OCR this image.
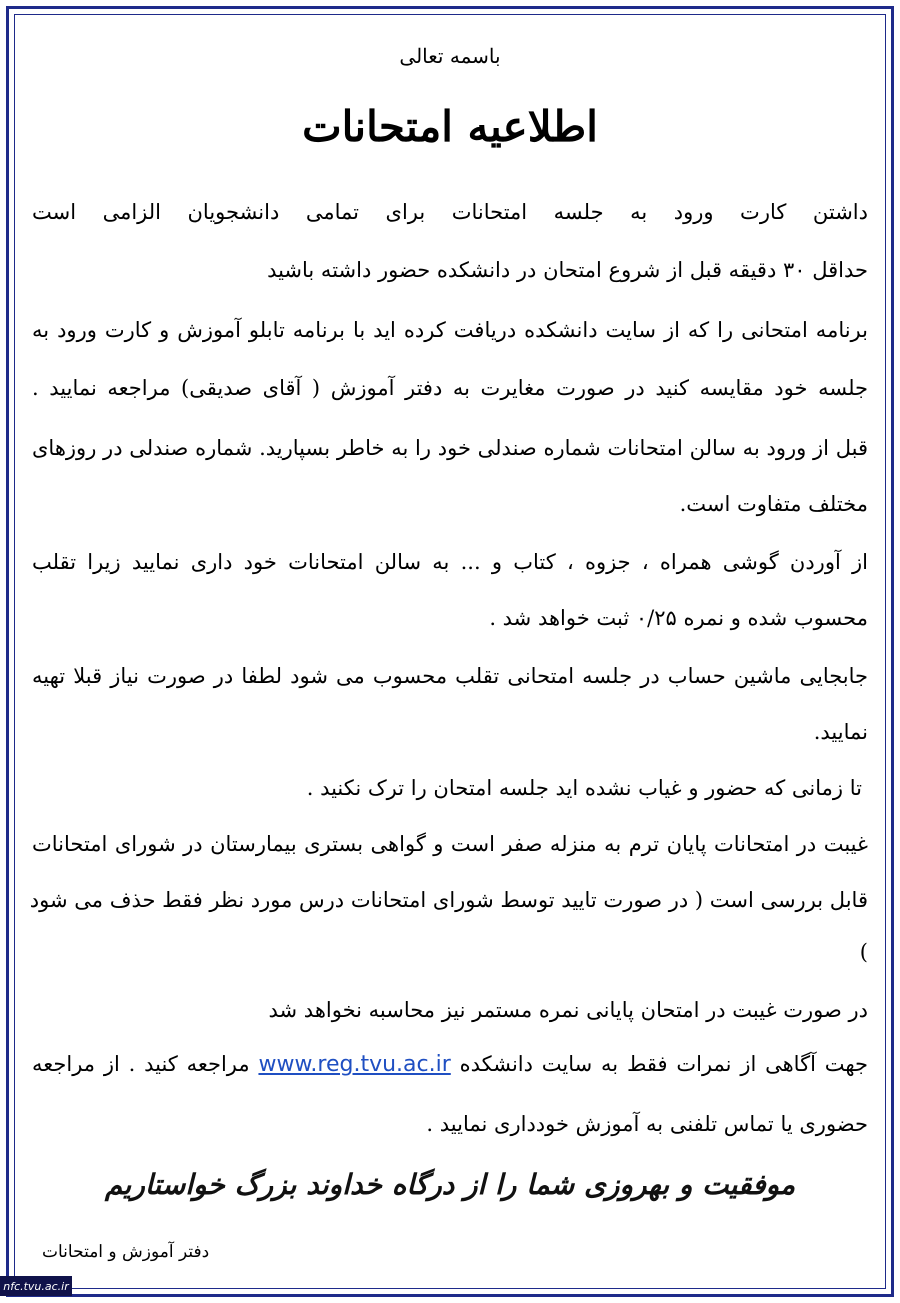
باسمه تعالی
اطلاعیه امتحانات
داشتن کارت ورود به جلسه امتحانات برای تمامی دانشجویان الزامی است
حداقل ۳۰ دقیقه قبل از شروع امتحان در دانشکده حضور داشته باشید
برنامه امتحانی را که از سایت دانشکده دریافت کرده اید با برنامه تابلو آموزش و کارت ورود به
جلسه خود مقایسه کنید در صورت مغایرت به دفتر آموزش ( آقای صدیقی) مراجعه نمایید .
قبل از ورود به سالن امتحانات شماره صندلی خود را به خاطر بسپارید. شماره صندلی در روزهای
مختلف متفاوت است.
از آوردن گوشی همراه ، جزوه ، کتاب و ... به سالن امتحانات خود داری نمایید زیرا تقلب
محسوب شده و نمره ۰/۲۵ ثبت خواهد شد .
جابجایی ماشین حساب در جلسه امتحانی تقلب محسوب می شود لطفا در صورت نیاز قبلا تهیه
نمایید.
تا زمانی که حضور و غیاب نشده اید جلسه امتحان را ترک نکنید .
غیبت در امتحانات پایان ترم به منزله صفر است و گواهی بستری بیمارستان در شورای امتحانات
قابل بررسی است ( در صورت تایید توسط شورای امتحانات درس مورد نظر فقط حذف می شود
)
در صورت غیبت در امتحان پایانی نمره مستمر نیز محاسبه نخواهد شد
جهت آگاهی از نمرات فقط به سایت دانشکده www.reg.tvu.ac.ir مراجعه کنید . از مراجعه
حضوری یا تماس تلفنی به آموزش خودداری نمایید .
موفقیت و بهروزی شما را از درگاه خداوند بزرگ خواستاریم
دفتر آموزش و امتحانات
nfc.tvu.ac.ir
